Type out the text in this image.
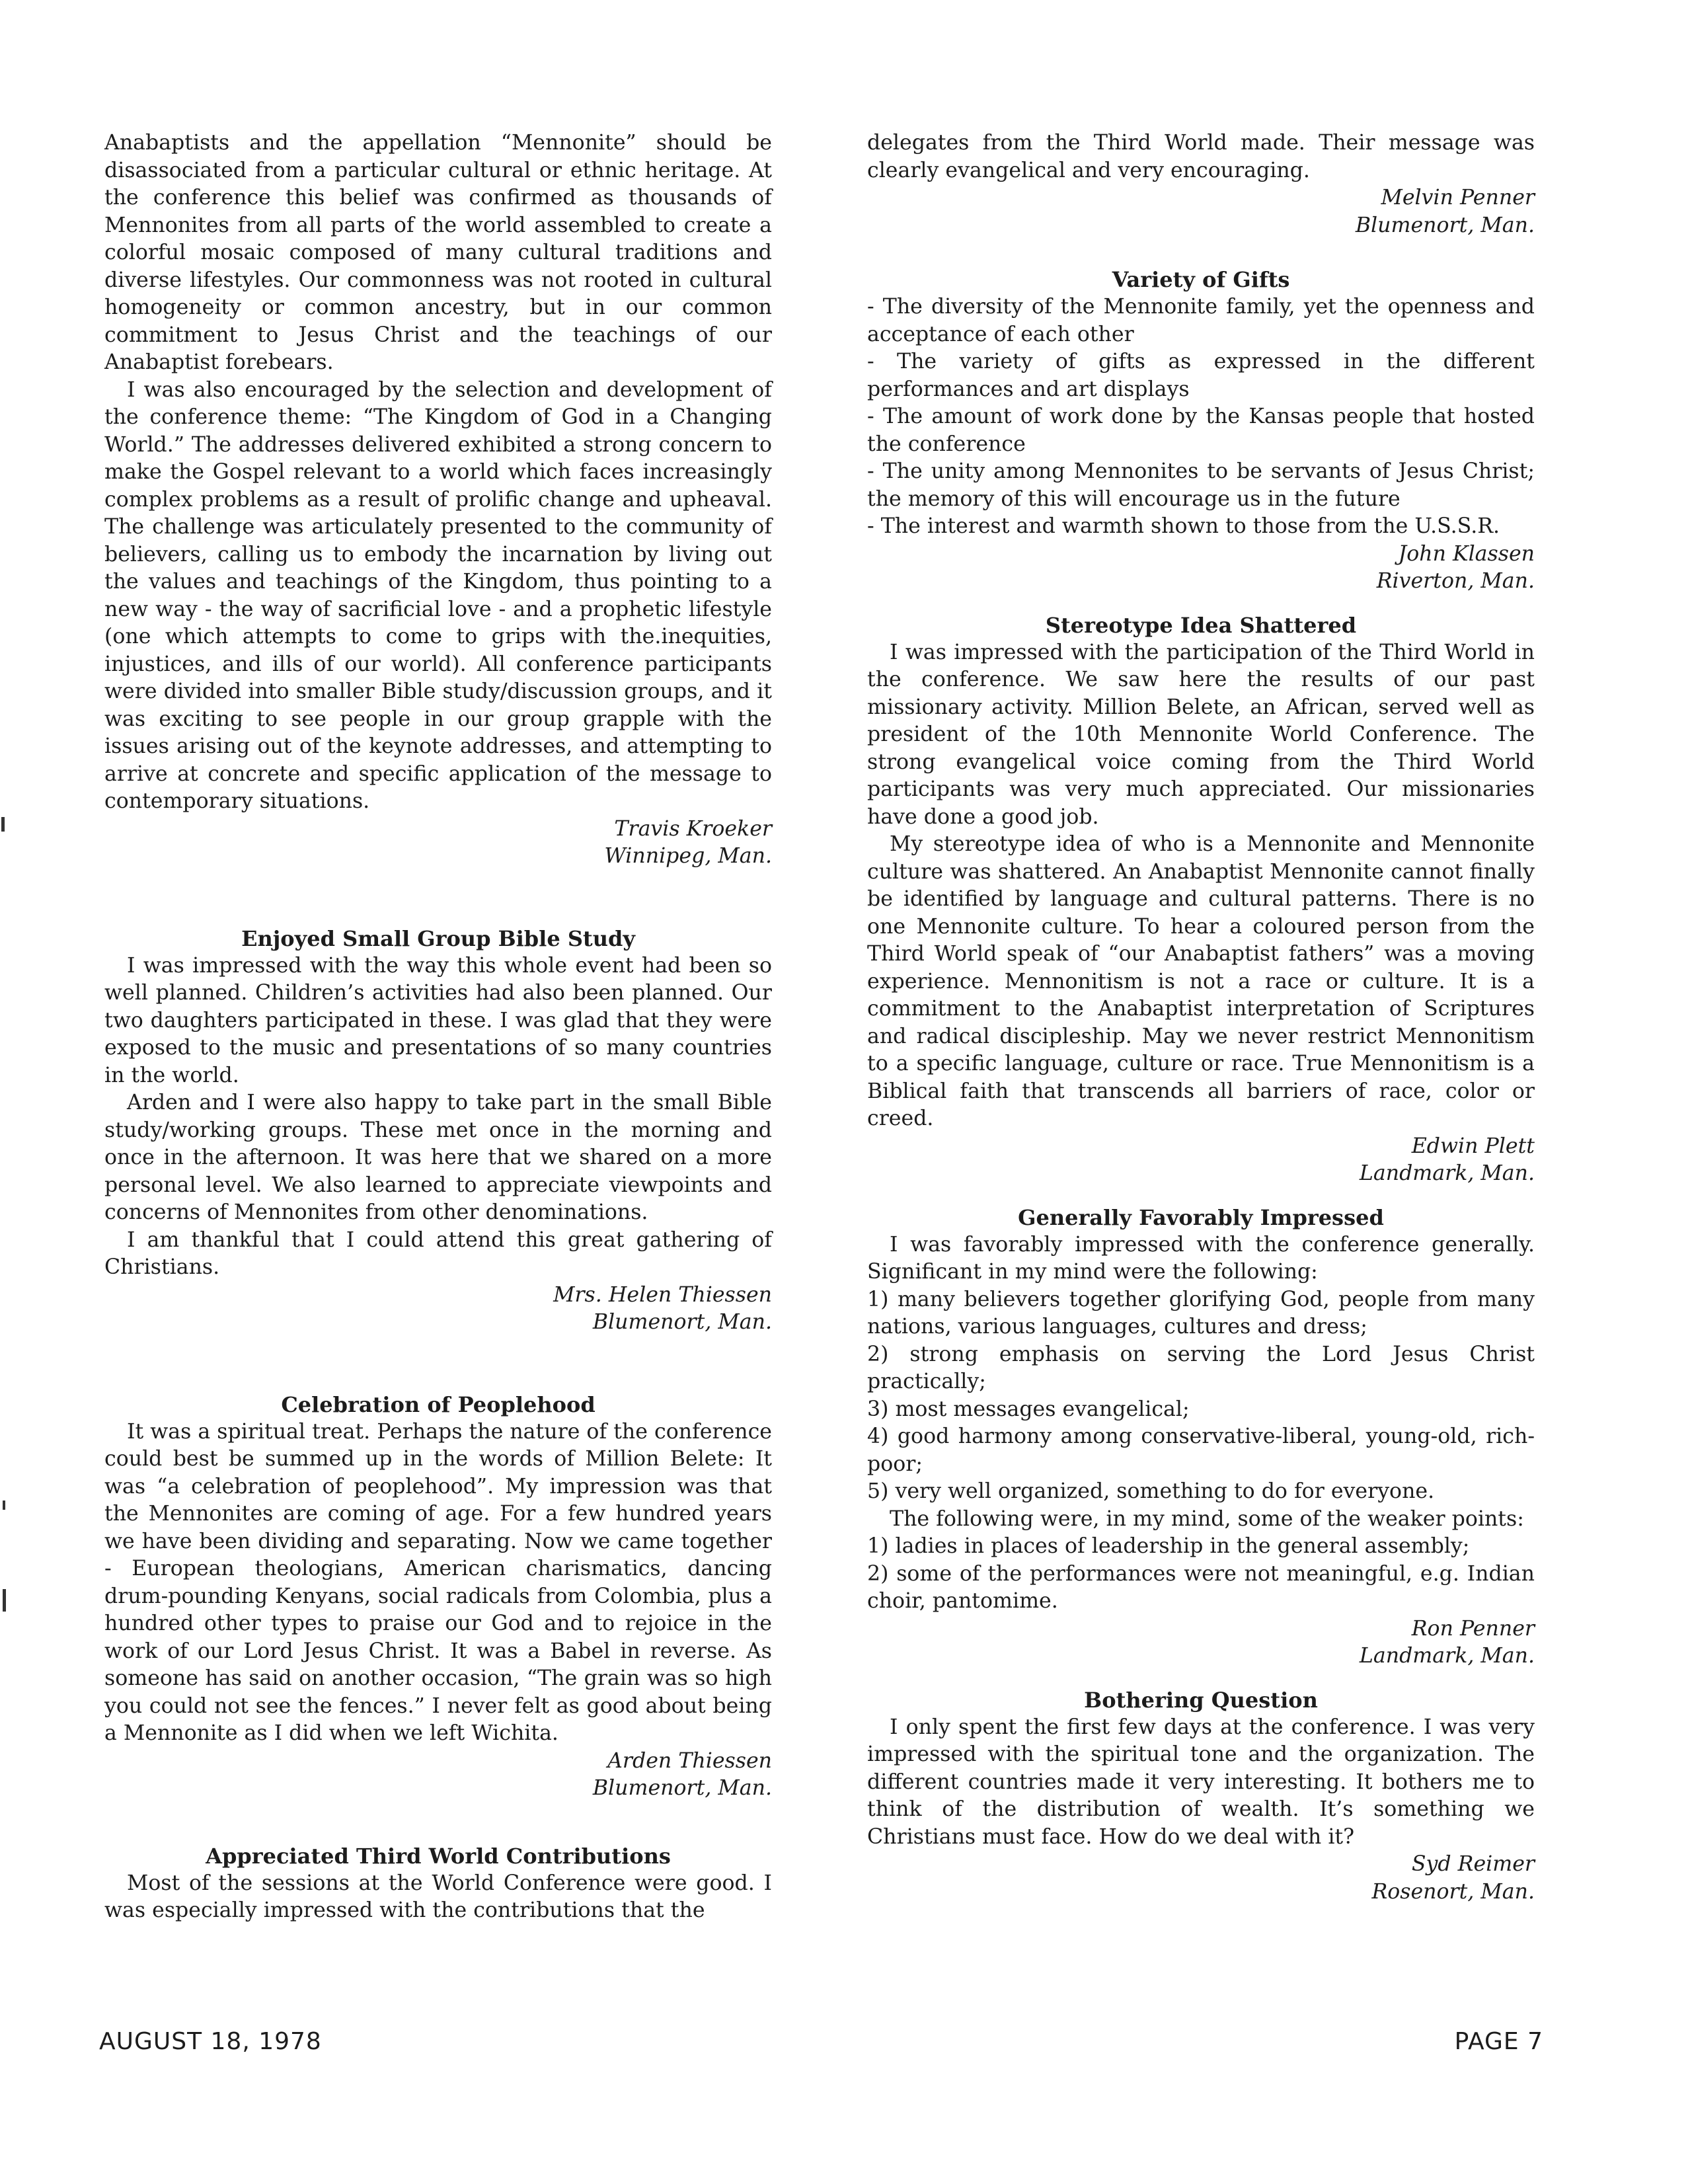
Anabaptists and the appellation “Mennonite” should be disassociated from a particular cultural or ethnic heritage. At the conference this belief was confirmed as thousands of Mennonites from all parts of the world assembled to create a colorful mosaic composed of many cultural traditions and diverse lifestyles. Our commonness was not rooted in cultural homogeneity or common ancestry, but in our common commitment to Jesus Christ and the teachings of our Anabaptist forebears.

I was also encouraged by the selection and development of the conference theme: “The Kingdom of God in a Changing World.” The addresses delivered exhibited a strong concern to make the Gospel relevant to a world which faces increasingly complex problems as a result of prolific change and upheaval. The challenge was articulately presented to the community of believers, calling us to embody the incarnation by living out the values and teachings of the Kingdom, thus pointing to a new way - the way of sacrificial love - and a prophetic lifestyle (one which attempts to come to grips with the.inequities, injustices, and ills of our world). All conference participants were divided into smaller Bible study/discussion groups, and it was exciting to see people in our group grapple with the issues arising out of the keynote addresses, and attempting to arrive at concrete and specific application of the message to contemporary situations.

Travis Kroeker

Winnipeg, Man.

Enjoyed Small Group Bible Study

I was impressed with the way this whole event had been so well planned. Children’s activities had also been planned. Our two daughters participated in these. I was glad that they were exposed to the music and presentations of so many countries in the world.

Arden and I were also happy to take part in the small Bible study/working groups. These met once in the morning and once in the afternoon. It was here that we shared on a more personal level. We also learned to appreciate viewpoints and concerns of Mennonites from other denominations.

I am thankful that I could attend this great gathering of Christians.

Mrs. Helen Thiessen

Blumenort, Man.

Celebration of Peoplehood

It was a spiritual treat. Perhaps the nature of the conference could best be summed up in the words of Million Belete: It was “a celebration of peoplehood”. My impression was that the Mennonites are coming of age. For a few hundred years we have been dividing and separating. Now we came together - European theologians, American charismatics, dancing drum-pounding Kenyans, social radicals from Colombia, plus a hundred other types to praise our God and to rejoice in the work of our Lord Jesus Christ. It was a Babel in reverse. As someone has said on another occasion, “The grain was so high you could not see the fences.” I never felt as good about being a Mennonite as I did when we left Wichita.

Arden Thiessen

Blumenort, Man.

Appreciated Third World Contributions

Most of the sessions at the World Conference were good. I was especially impressed with the contributions that the

delegates from the Third World made. Their message was clearly evangelical and very encouraging.

Melvin Penner

Blumenort, Man.

Variety of Gifts

- The diversity of the Mennonite family, yet the openness and acceptance of each other

- The variety of gifts as expressed in the different performances and art displays

- The amount of work done by the Kansas people that hosted the conference

- The unity among Mennonites to be servants of Jesus Christ; the memory of this will encourage us in the future

- The interest and warmth shown to those from the U.S.S.R.

John Klassen

Riverton, Man.

Stereotype Idea Shattered

I was impressed with the participation of the Third World in the conference. We saw here the results of our past missionary activity. Million Belete, an African, served well as president of the 10th Mennonite World Conference. The strong evangelical voice coming from the Third World participants was very much appreciated. Our missionaries have done a good job.

My stereotype idea of who is a Mennonite and Mennonite culture was shattered. An Anabaptist Mennonite cannot finally be identified by language and cultural patterns. There is no one Mennonite culture. To hear a coloured person from the Third World speak of “our Anabaptist fathers” was a moving experience. Mennonitism is not a race or culture. It is a commitment to the Anabaptist interpretation of Scriptures and radical discipleship. May we never restrict Mennonitism to a specific language, culture or race. True Mennonitism is a Biblical faith that transcends all barriers of race, color or creed.

Edwin Plett

Landmark, Man.

Generally Favorably Impressed

I was favorably impressed with the conference generally. Significant in my mind were the following:

1) many believers together glorifying God, people from many nations, various languages, cultures and dress;

2) strong emphasis on serving the Lord Jesus Christ practically;

3) most messages evangelical;

4) good harmony among conservative-liberal, young-old, rich-poor;

5) very well organized, something to do for everyone.

The following were, in my mind, some of the weaker points:

1) ladies in places of leadership in the general assembly;

2) some of the performances were not meaningful, e.g. Indian choir, pantomime.

Ron Penner

Landmark, Man.

Bothering Question

I only spent the first few days at the conference. I was very impressed with the spiritual tone and the organization. The different countries made it very interesting. It bothers me to think of the distribution of wealth. It’s something we Christians must face. How do we deal with it?

Syd Reimer

Rosenort, Man.

AUGUST 18, 1978	PAGE 7
